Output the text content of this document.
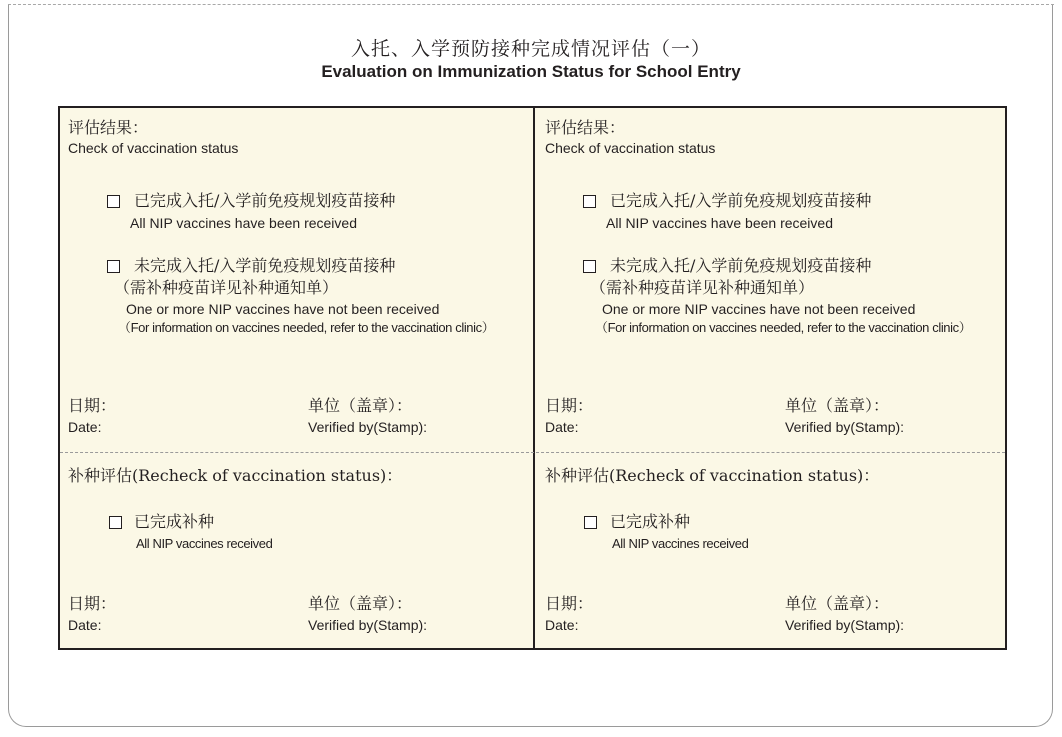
入托、入学预防接种完成情况评估（一）
Evaluation on Immunization Status for School Entry
评估结果：
Check of vaccination status
已完成入托/入学前免疫规划疫苗接种
All NIP vaccines have been received
未完成入托/入学前免疫规划疫苗接种
（需补种疫苗详见补种通知单）
One or more NIP vaccines have not been received
（For information on vaccines needed, refer to the vaccination clinic）
日期：
Date:
单位（盖章）：
Verified by(Stamp):
补种评估(Recheck of vaccination status)：
已完成补种
All NIP vaccines received
日期：
Date:
单位（盖章）：
Verified by(Stamp):
评估结果：
Check of vaccination status
已完成入托/入学前免疫规划疫苗接种
All NIP vaccines have been received
未完成入托/入学前免疫规划疫苗接种
（需补种疫苗详见补种通知单）
One or more NIP vaccines have not been received
（For information on vaccines needed, refer to the vaccination clinic）
日期：
Date:
单位（盖章）：
Verified by(Stamp):
补种评估(Recheck of vaccination status)：
已完成补种
All NIP vaccines received
日期：
Date:
单位（盖章）：
Verified by(Stamp):
